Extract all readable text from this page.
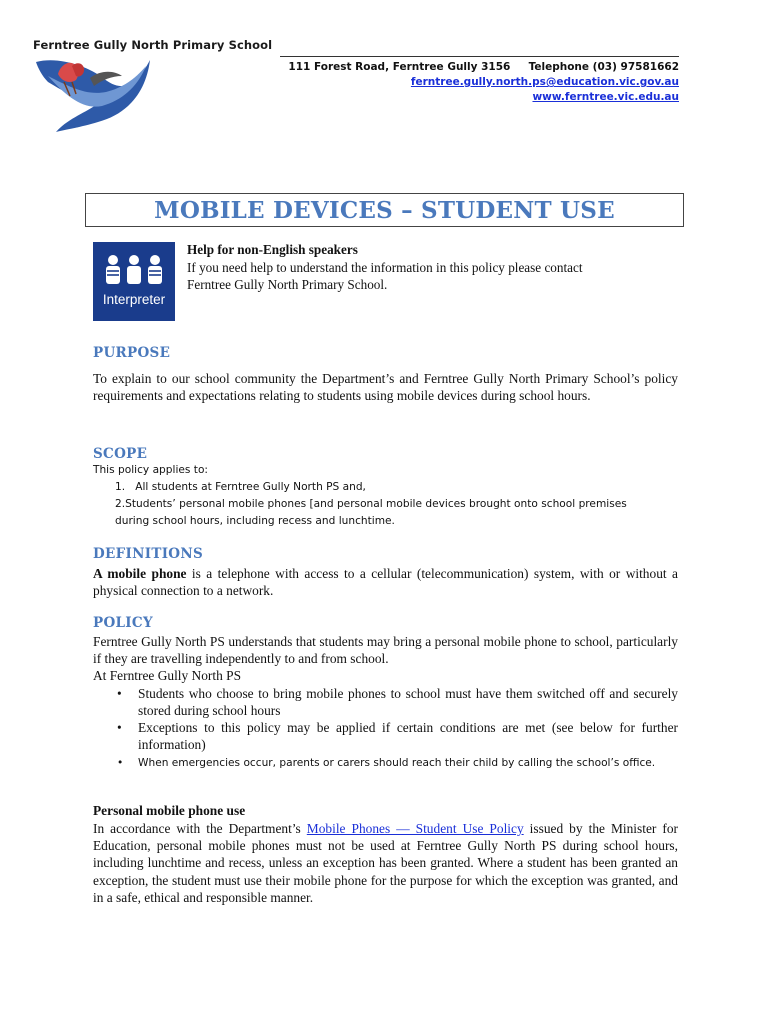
Ferntree Gully North Primary School
111 Forest Road, Ferntree Gully 3156     Telephone (03) 97581662
ferntree.gully.north.ps@education.vic.gov.au
www.ferntree.vic.edu.au
MOBILE DEVICES – STUDENT USE
Interpreter
Help for non-English speakers
If you need help to understand the information in this policy please contact
Ferntree Gully North Primary School.
PURPOSE
To explain to our school community the Department’s and Ferntree Gully North Primary School’s policy requirements and expectations relating to students using mobile devices during school hours.
SCOPE
This policy applies to:
1.   All students at Ferntree Gully North PS and,
2.Students’ personal mobile phones [and personal mobile devices brought onto school premises
during school hours, including recess and lunchtime.
DEFINITIONS
A mobile phone is a telephone with access to a cellular (telecommunication) system, with or without a physical connection to a network.
POLICY
Ferntree Gully North PS understands that students may bring a personal mobile phone to school, particularly if they are travelling independently to and from school.
At Ferntree Gully North PS
• Students who choose to bring mobile phones to school must have them switched off and securely stored during school hours
• Exceptions to this policy may be applied if certain conditions are met (see below for further information)
• When emergencies occur, parents or carers should reach their child by calling the school’s office.
Personal mobile phone use
In accordance with the Department’s Mobile Phones — Student Use Policy issued by the Minister for Education, personal mobile phones must not be used at Ferntree Gully North PS during school hours, including lunchtime and recess, unless an exception has been granted. Where a student has been granted an exception, the student must use their mobile phone for the purpose for which the exception was granted, and in a safe, ethical and responsible manner.
